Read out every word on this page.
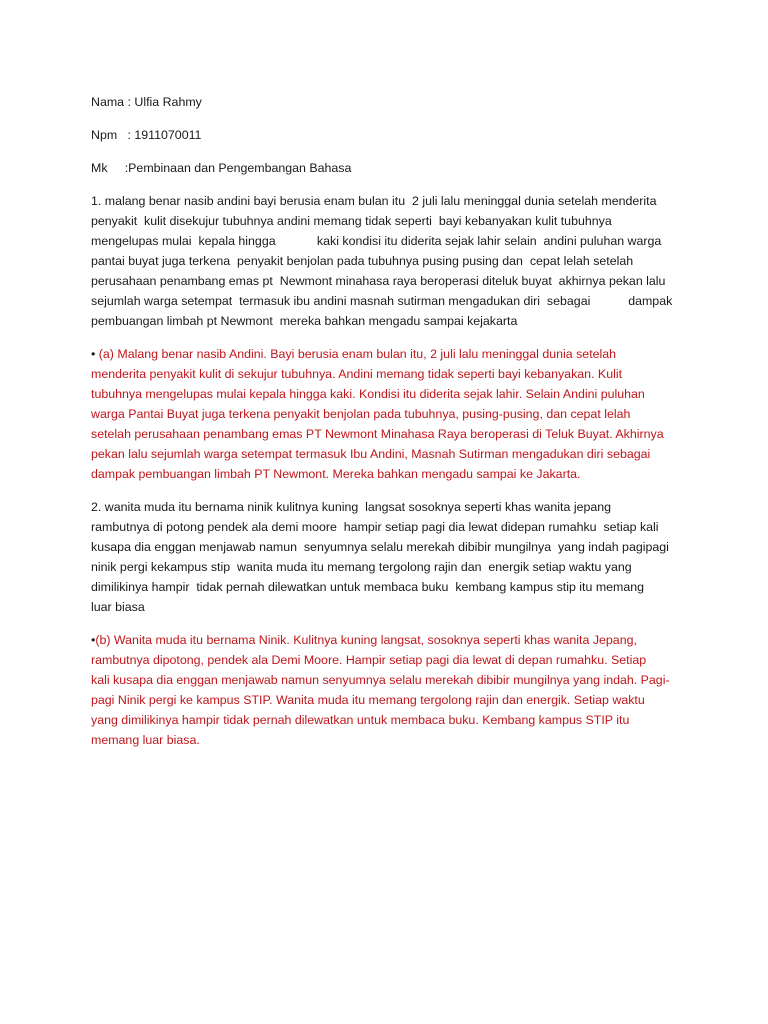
Nama : Ulfia Rahmy
Npm   : 1911070011
Mk     :Pembinaan dan Pengembangan Bahasa
1. malang benar nasib andini bayi berusia enam bulan itu  2 juli lalu meninggal dunia setelah menderita
penyakit  kulit disekujur tubuhnya andini memang tidak seperti  bayi kebanyakan kulit tubuhnya
mengelupas mulai  kepala hingga            kaki kondisi itu diderita sejak lahir selain  andini puluhan warga
pantai buyat juga terkena  penyakit benjolan pada tubuhnya pusing pusing dan  cepat lelah setelah
perusahaan penambang emas pt  Newmont minahasa raya beroperasi diteluk buyat  akhirnya pekan lalu
sejumlah warga setempat  termasuk ibu andini masnah sutirman mengadukan diri  sebagai           dampak
pembuangan limbah pt Newmont  mereka bahkan mengadu sampai kejakarta
• (a) Malang benar nasib Andini. Bayi berusia enam bulan itu, 2 juli lalu meninggal dunia setelah
menderita penyakit kulit di sekujur tubuhnya. Andini memang tidak seperti bayi kebanyakan. Kulit
tubuhnya mengelupas mulai kepala hingga kaki. Kondisi itu diderita sejak lahir. Selain Andini puluhan
warga Pantai Buyat juga terkena penyakit benjolan pada tubuhnya, pusing-pusing, dan cepat lelah
setelah perusahaan penambang emas PT Newmont Minahasa Raya beroperasi di Teluk Buyat. Akhirnya
pekan lalu sejumlah warga setempat termasuk Ibu Andini, Masnah Sutirman mengadukan diri sebagai
dampak pembuangan limbah PT Newmont. Mereka bahkan mengadu sampai ke Jakarta.
2. wanita muda itu bernama ninik kulitnya kuning  langsat sosoknya seperti khas wanita jepang
rambutnya di potong pendek ala demi moore  hampir setiap pagi dia lewat didepan rumahku  setiap kali
kusapa dia enggan menjawab namun  senyumnya selalu merekah dibibir mungilnya  yang indah pagipagi
ninik pergi kekampus stip  wanita muda itu memang tergolong rajin dan  energik setiap waktu yang
dimilikinya hampir  tidak pernah dilewatkan untuk membaca buku  kembang kampus stip itu memang
luar biasa
•(b) Wanita muda itu bernama Ninik. Kulitnya kuning langsat, sosoknya seperti khas wanita Jepang,
rambutnya dipotong, pendek ala Demi Moore. Hampir setiap pagi dia lewat di depan rumahku. Setiap
kali kusapa dia enggan menjawab namun senyumnya selalu merekah dibibir mungilnya yang indah. Pagi-
pagi Ninik pergi ke kampus STIP. Wanita muda itu memang tergolong rajin dan energik. Setiap waktu
yang dimilikinya hampir tidak pernah dilewatkan untuk membaca buku. Kembang kampus STIP itu
memang luar biasa.
